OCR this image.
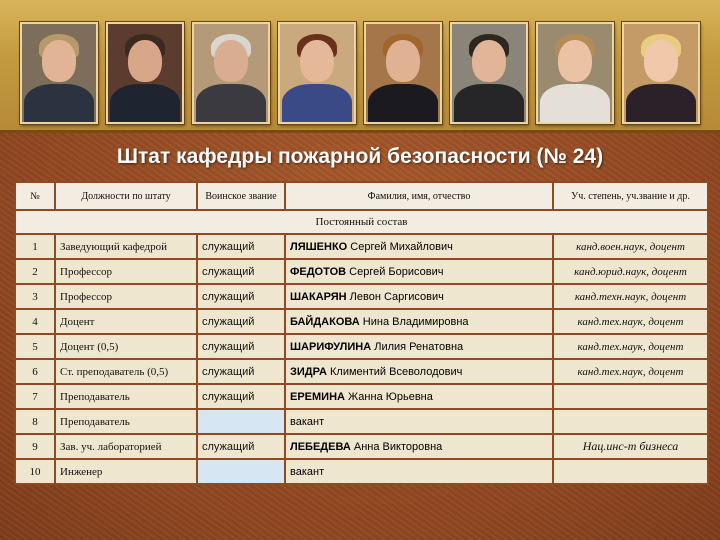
Штат кафедры пожарной безопасности (№ 24)
№	Должности по штату	Воинское звание	Фамилия, имя, отчество	Уч. степень, уч.звание и др.
Постоянный состав				
1	Заведующий кафедрой	служащий	ЛЯШЕНКО Сергей Михайлович	канд.воен.наук, доцент
2	Профессор	служащий	ФЕДОТОВ Сергей Борисович	канд.юрид.наук, доцент
3	Профессор	служащий	ШАКАРЯН Левон Саргисович	канд.техн.наук, доцент
4	Доцент	служащий	БАЙДАКОВА Нина Владимировна	канд.тех.наук, доцент
5	Доцент (0,5)	служащий	ШАРИФУЛИНА Лилия Ренатовна	канд.тех.наук, доцент
6	Ст. преподаватель (0,5)	служащий	ЗИДРА Климентий Всеволодович	канд.тех.наук, доцент
7	Преподаватель	служащий	ЕРЕМИНА Жанна Юрьевна	
8	Преподаватель		вакант	
9	Зав. уч. лабораторией	служащий	ЛЕБЕДЕВА Анна Викторовна	Нац.инс-т бизнеса
10	Инженер		вакант	
